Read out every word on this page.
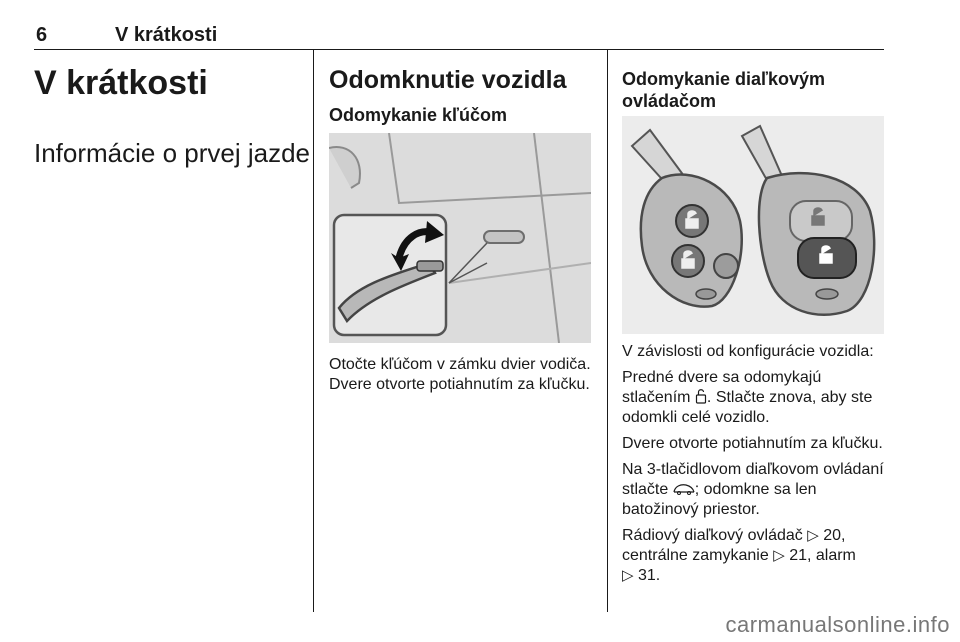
6	V krátkosti
V krátkosti
Informácie o prvej jazde
Odomknutie vozidla
Odomykanie kľúčom
Otočte kľúčom v zámku dvier vodiča. Dvere otvorte potiahnutím za kľučku.
Odomykanie diaľkovým
ovládačom

V závislosti od konfigurácie vozidla:

Predné dvere sa odomykajú stlačením
. Stlačte znova, aby ste odomkli celé vozidlo.

Dvere otvorte potiahnutím za kľučku.

Na 3-tlačidlovom diaľkovom ovládaní stlačte
; odomkne sa len batožinový priestor.

Rádiový diaľkový ovládač ▷ 20, centrálne zamykanie ▷ 21, alarm ▷ 31.

carmanualsonline.info
